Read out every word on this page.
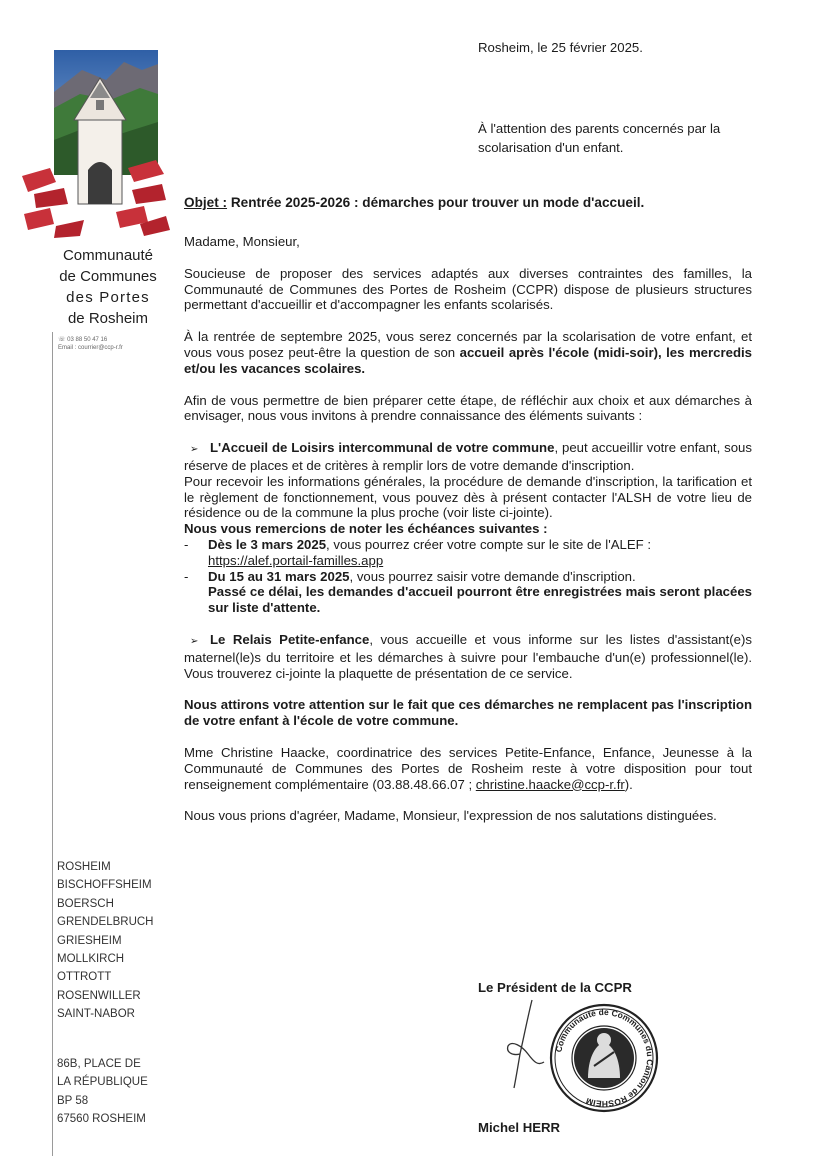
Communauté
de Communes
des Portes
de Rosheim
☏ 03 88 50 47 16
Email : courrier@ccp-r.fr
ROSHEIM
BISCHOFFSHEIM
BOERSCH
GRENDELBRUCH
GRIESHEIM
MOLLKIRCH
OTTROTT
ROSENWILLER
SAINT-NABOR
86B, PLACE DE
LA RÉPUBLIQUE
BP 58
67560 ROSHEIM
Rosheim, le 25 février 2025.
À l'attention des parents concernés par la scolarisation d'un enfant.
Objet : Rentrée 2025-2026 : démarches pour trouver un mode d'accueil.

Madame, Monsieur,

Soucieuse de proposer des services adaptés aux diverses contraintes des familles, la Communauté de Communes des Portes de Rosheim (CCPR) dispose de plusieurs structures permettant d'accueillir et d'accompagner les enfants scolarisés.

À la rentrée de septembre 2025, vous serez concernés par la scolarisation de votre enfant, et vous vous posez peut-être la question de son accueil après l'école (midi-soir), les mercredis et/ou les vacances scolaires.

Afin de vous permettre de bien préparer cette étape, de réfléchir aux choix et aux démarches à envisager, nous vous invitons à prendre connaissance des éléments suivants :

➢ L'Accueil de Loisirs intercommunal de votre commune, peut accueillir votre enfant, sous réserve de places et de critères à remplir lors de votre demande d'inscription.

Pour recevoir les informations générales, la procédure de demande d'inscription, la tarification et le règlement de fonctionnement, vous pouvez dès à présent contacter l'ALSH de votre lieu de résidence ou de la commune la plus proche (voir liste ci-jointe).

Nous vous remercions de noter les échéances suivantes :

-	Dès le 3 mars 2025, vous pourrez créer votre compte sur le site de l'ALEF :
https://alef.portail-familles.app
-	Du 15 au 31 mars 2025, vous pourrez saisir votre demande d'inscription.
Passé ce délai, les demandes d'accueil pourront être enregistrées mais seront placées sur liste d'attente.

➢ Le Relais Petite-enfance, vous accueille et vous informe sur les listes d'assistant(e)s maternel(le)s du territoire et les démarches à suivre pour l'embauche d'un(e) professionnel(le). Vous trouverez ci-jointe la plaquette de présentation de ce service.

Nous attirons votre attention sur le fait que ces démarches ne remplacent pas l'inscription de votre enfant à l'école de votre commune.

Mme Christine Haacke, coordinatrice des services Petite-Enfance, Enfance, Jeunesse à la Communauté de Communes des Portes de Rosheim reste à votre disposition pour tout renseignement complémentaire (03.88.48.66.07 ; christine.haacke@ccp-r.fr).

Nous vous prions d'agréer, Madame, Monsieur, l'expression de nos salutations distinguées.

Le Président de la CCPR
Communauté de Communes du Canton de ROSHEIM
Michel HERR
